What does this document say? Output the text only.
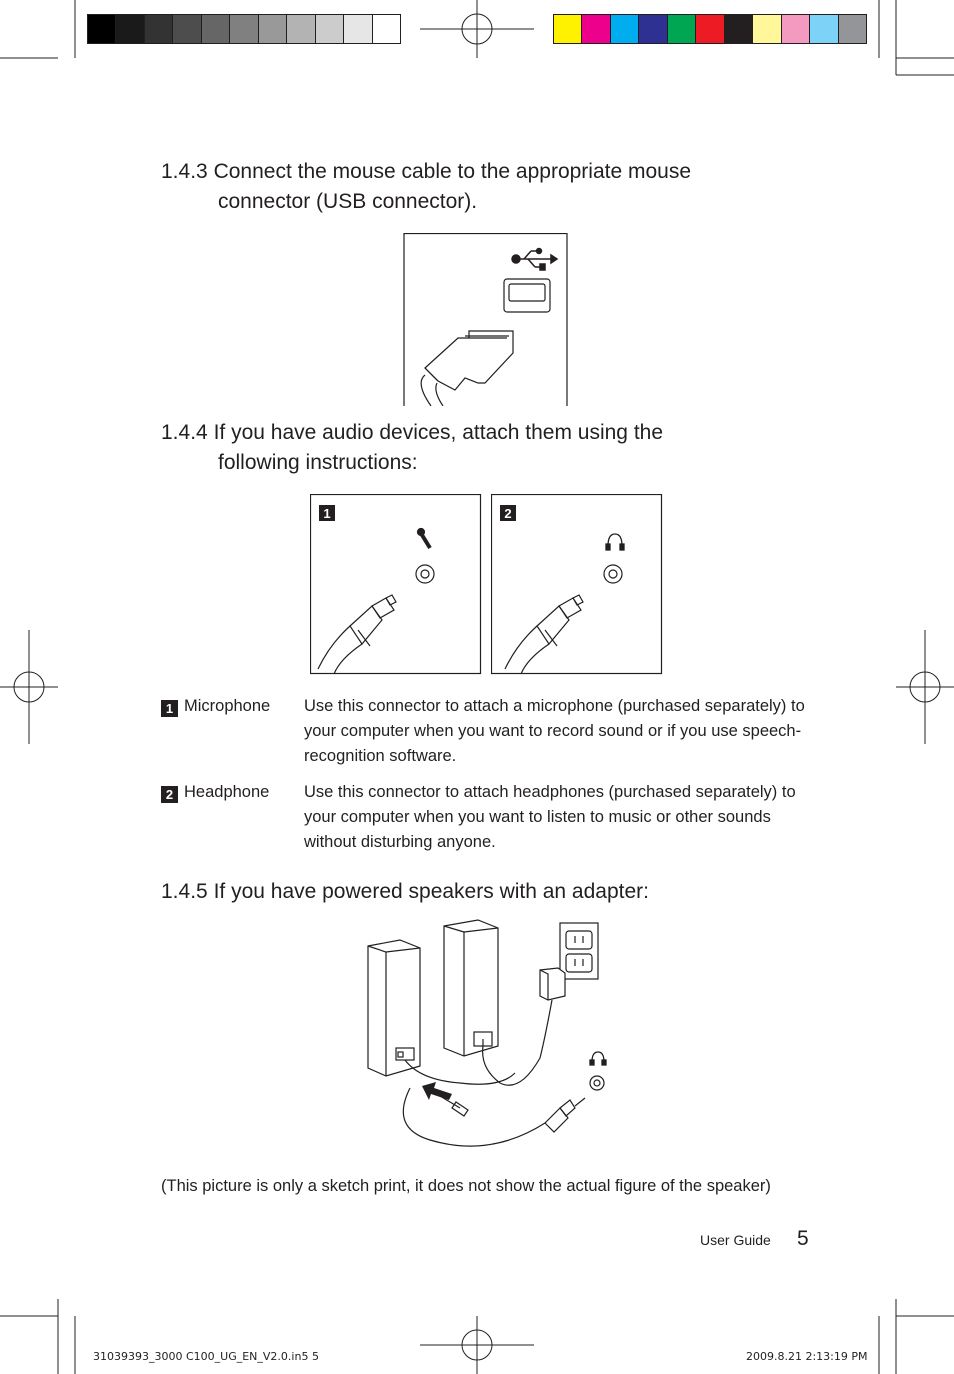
1.4.3 Connect the mouse cable to the appropriate mouse
connector (USB connector).
1.4.4 If you have audio devices, attach them using the
following instructions:
1	2
1 Microphone	Use this connector to attach a microphone (purchased separately) to your computer when you want to record sound or if you use speech-recognition software.
2 Headphone	Use this connector to attach headphones (purchased separately) to your computer when you want to listen to music or other sounds without disturbing anyone.
1.4.5 If you have powered speakers with an adapter:
(This picture is only a sketch print, it does not show the actual figure of the speaker)
User Guide 5
31039393_3000 C100_UG_EN_V2.0.in5 5	2009.8.21 2:13:19 PM
